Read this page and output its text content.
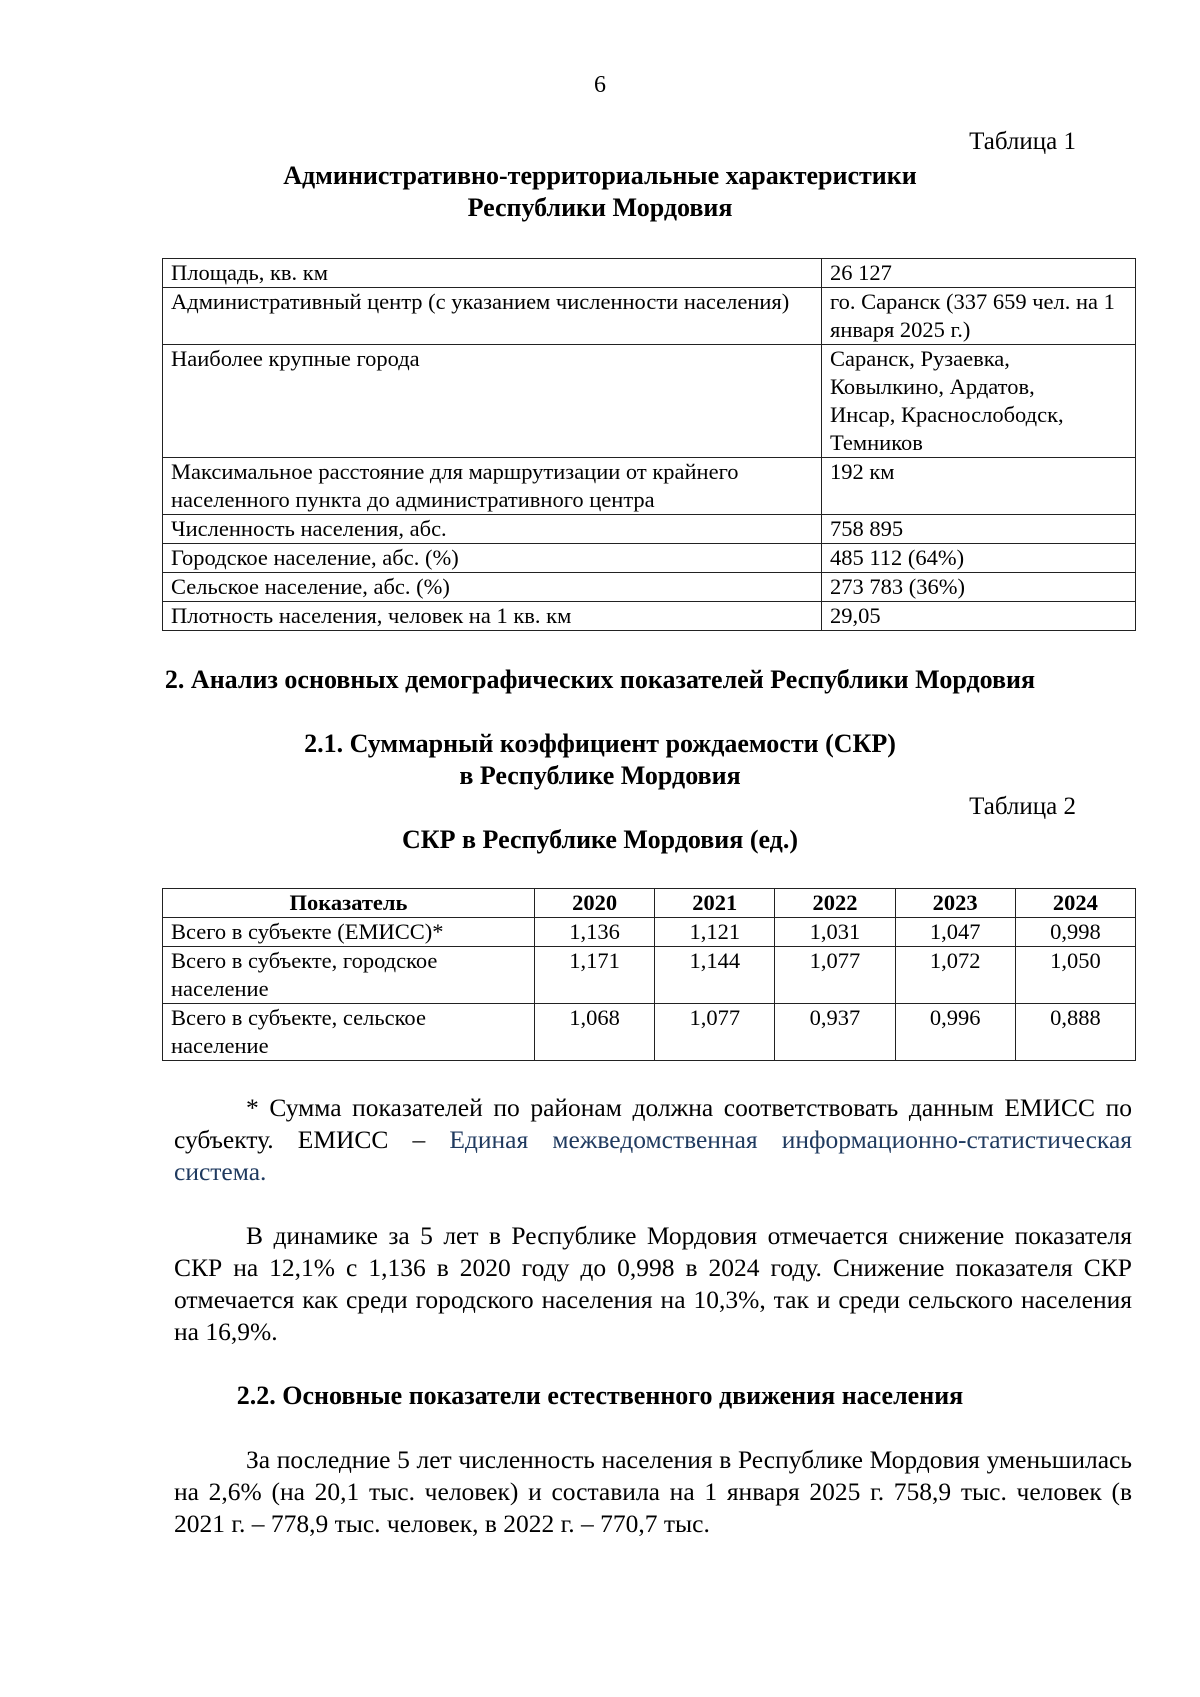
6
Таблица 1
Административно-территориальные характеристики
Республики Мордовия
Площадь, кв. км	26 127
Административный центр (с указанием численности населения)	го. Саранск (337 659 чел. на 1 января 2025 г.)
Наиболее крупные города	Саранск, Рузаевка, Ковылкино, Ардатов, Инсар, Краснослободск, Темников
Максимальное расстояние для маршрутизации от крайнего населенного пункта до административного центра	192 км
Численность населения, абс.	758 895
Городское население, абс. (%)	485 112 (64%)
Сельское население, абс. (%)	273 783 (36%)
Плотность населения, человек на 1 кв. км	29,05
2. Анализ основных демографических показателей Республики Мордовия
2.1. Суммарный коэффициент рождаемости (СКР)
в Республике Мордовия
Таблица 2
СКР в Республике Мордовия (ед.)
Показатель	2020	2021	2022	2023	2024
Всего в субъекте (ЕМИСС)*	1,136	1,121	1,031	1,047	0,998
Всего в субъекте, городское население	1,171	1,144	1,077	1,072	1,050
Всего в субъекте, сельское население	1,068	1,077	0,937	0,996	0,888
* Сумма показателей по районам должна соответствовать данным ЕМИСС по субъекту. ЕМИСС – Единая межведомственная информационно-статистическая система.
В динамике за 5 лет в Республике Мордовия отмечается снижение показателя СКР на 12,1% с 1,136 в 2020 году до 0,998 в 2024 году. Снижение показателя СКР отмечается как среди городского населения на 10,3%, так и среди сельского населения на 16,9%.
2.2. Основные показатели естественного движения населения
За последние 5 лет численность населения в Республике Мордовия уменьшилась на 2,6% (на 20,1 тыс. человек) и составила на 1 января 2025 г. 758,9 тыс. человек (в 2021 г. – 778,9 тыс. человек, в 2022 г. – 770,7 тыс.
